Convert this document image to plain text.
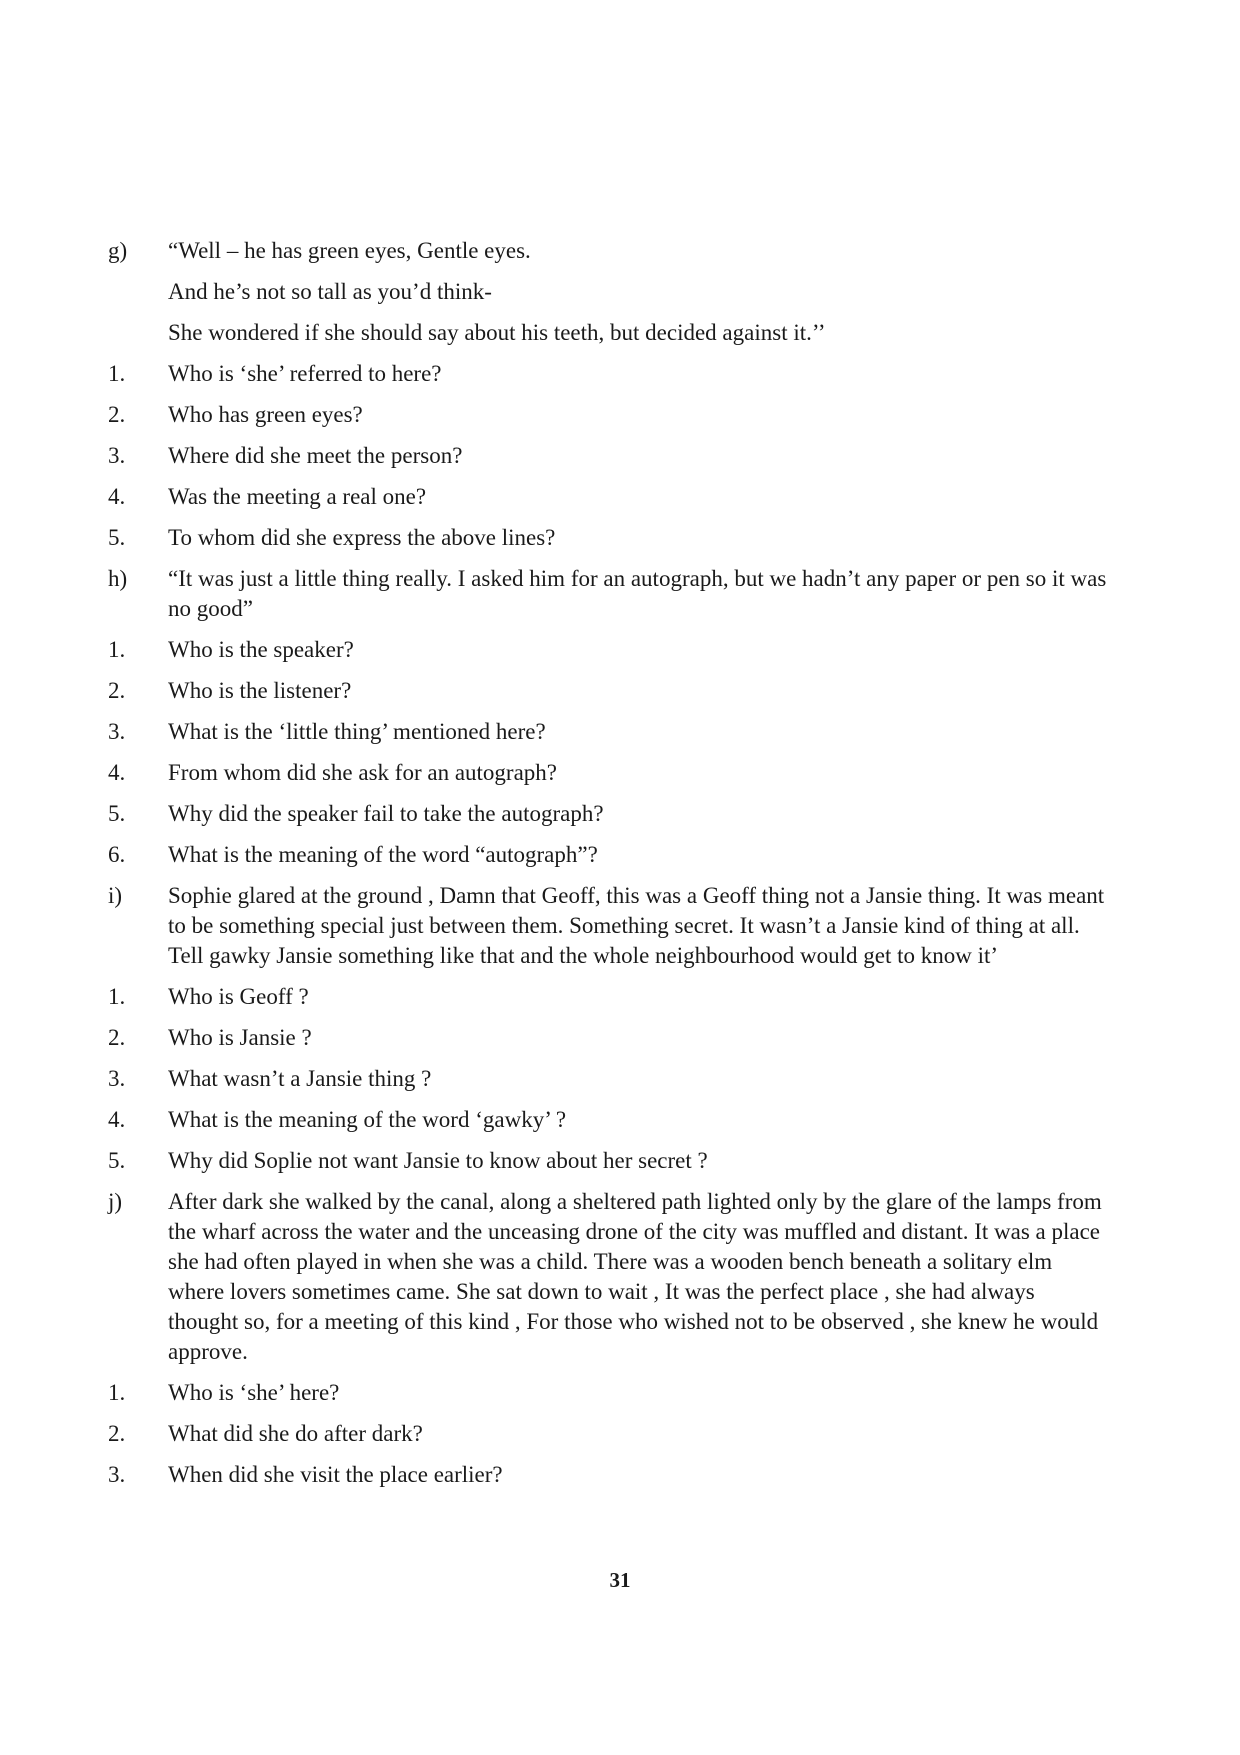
g)	“Well – he has green eyes, Gentle eyes.
And he’s not so tall as you’d think-
She wondered if she should say about his teeth, but decided against it.’’
1.	Who is ‘she’ referred to here?
2.	Who has green eyes?
3.	Where did she meet the person?
4.	Was the meeting a real one?
5.	To whom did she express the above lines?
h)	“It was just a little thing really. I asked him for an autograph, but we hadn’t any paper or pen so it was no good”
1.	Who is the speaker?
2.	Who is the listener?
3.	What is the ‘little thing’ mentioned here?
4.	From whom did she ask for an autograph?
5.	Why did the speaker fail to take the autograph?
6.	What is the meaning of the word “autograph”?
i)	Sophie glared at the ground , Damn that Geoff, this was a Geoff thing not a Jansie thing. It was meant to be something special just between them. Something secret. It wasn’t a Jansie kind of thing at all. Tell gawky Jansie something like that and the whole neighbourhood would get to know it’
1.	Who is Geoff ?
2.	Who is Jansie ?
3.	What wasn’t a Jansie thing ?
4.	What is the meaning of the word ‘gawky’ ?
5.	Why did Soplie not want Jansie to know about her secret ?
j)	After dark she walked by the canal, along a sheltered path lighted only by the glare of the lamps from the wharf across the water and the unceasing drone of the city was muffled and distant. It was a place she had often played in when she was a child. There was a wooden bench beneath a solitary elm where lovers sometimes came. She sat down to wait , It was the perfect place , she had always thought so, for a meeting of this kind , For those who wished not to be observed , she knew he would approve.
1.	Who is ‘she’ here?
2.	What did she do after dark?
3.	When did she visit the place earlier?
31
